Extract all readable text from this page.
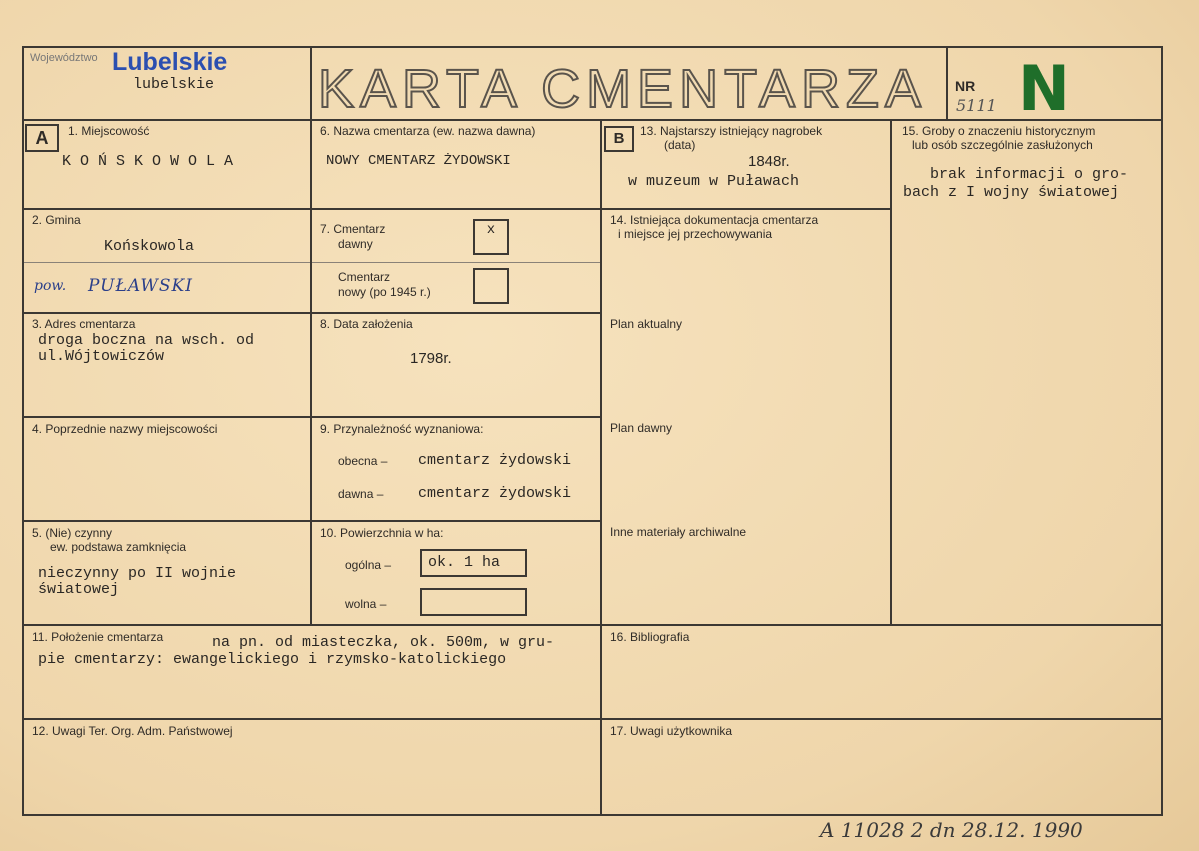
Województwo Lubelskie
lubelskie KARTA CMENTARZA	NR
5111 N
A	1. Miejscowość
K O Ń S K O W O L A
2. Gmina
Końskowola
pow. PUŁAWSKI
3. Adres cmentarza
droga boczna na wsch. od
ul.Wójtowiczów
4. Poprzednie nazwy miejscowości
5. (Nie) czynny
ew. podstawa zamknięcia
nieczynny po II wojnie
światowej
6. Nazwa cmentarza (ew. nazwa dawna)
NOWY CMENTARZ ŻYDOWSKI
7. Cmentarz
dawny
x
Cmentarz
nowy (po 1945 r.)
8. Data założenia
1798r.
9. Przynależność wyznaniowa:
obecna – cmentarz żydowski
dawna – cmentarz żydowski
10. Powierzchnia w ha:
ogólna –	ok. 1 ha
wolna –
B	13. Najstarszy istniejący nagrobek
(data)
1848r.
w muzeum w Puławach
14. Istniejąca dokumentacja cmentarza
i miejsce jej przechowywania
Plan aktualny
Plan dawny
Inne materiały archiwalne
15. Groby o znaczeniu historycznym
lub osób szczególnie zasłużonych
brak informacji o gro-
bach z I wojny światowej
11. Położenie cmentarza	na pn. od miasteczka, ok. 500m, w gru-
pie cmentarzy: ewangelickiego i rzymsko-katolickiego
12. Uwagi Ter. Org. Adm. Państwowej
16. Bibliografia
17. Uwagi użytkownika
A 11028 2 dn 28.12. 1990
